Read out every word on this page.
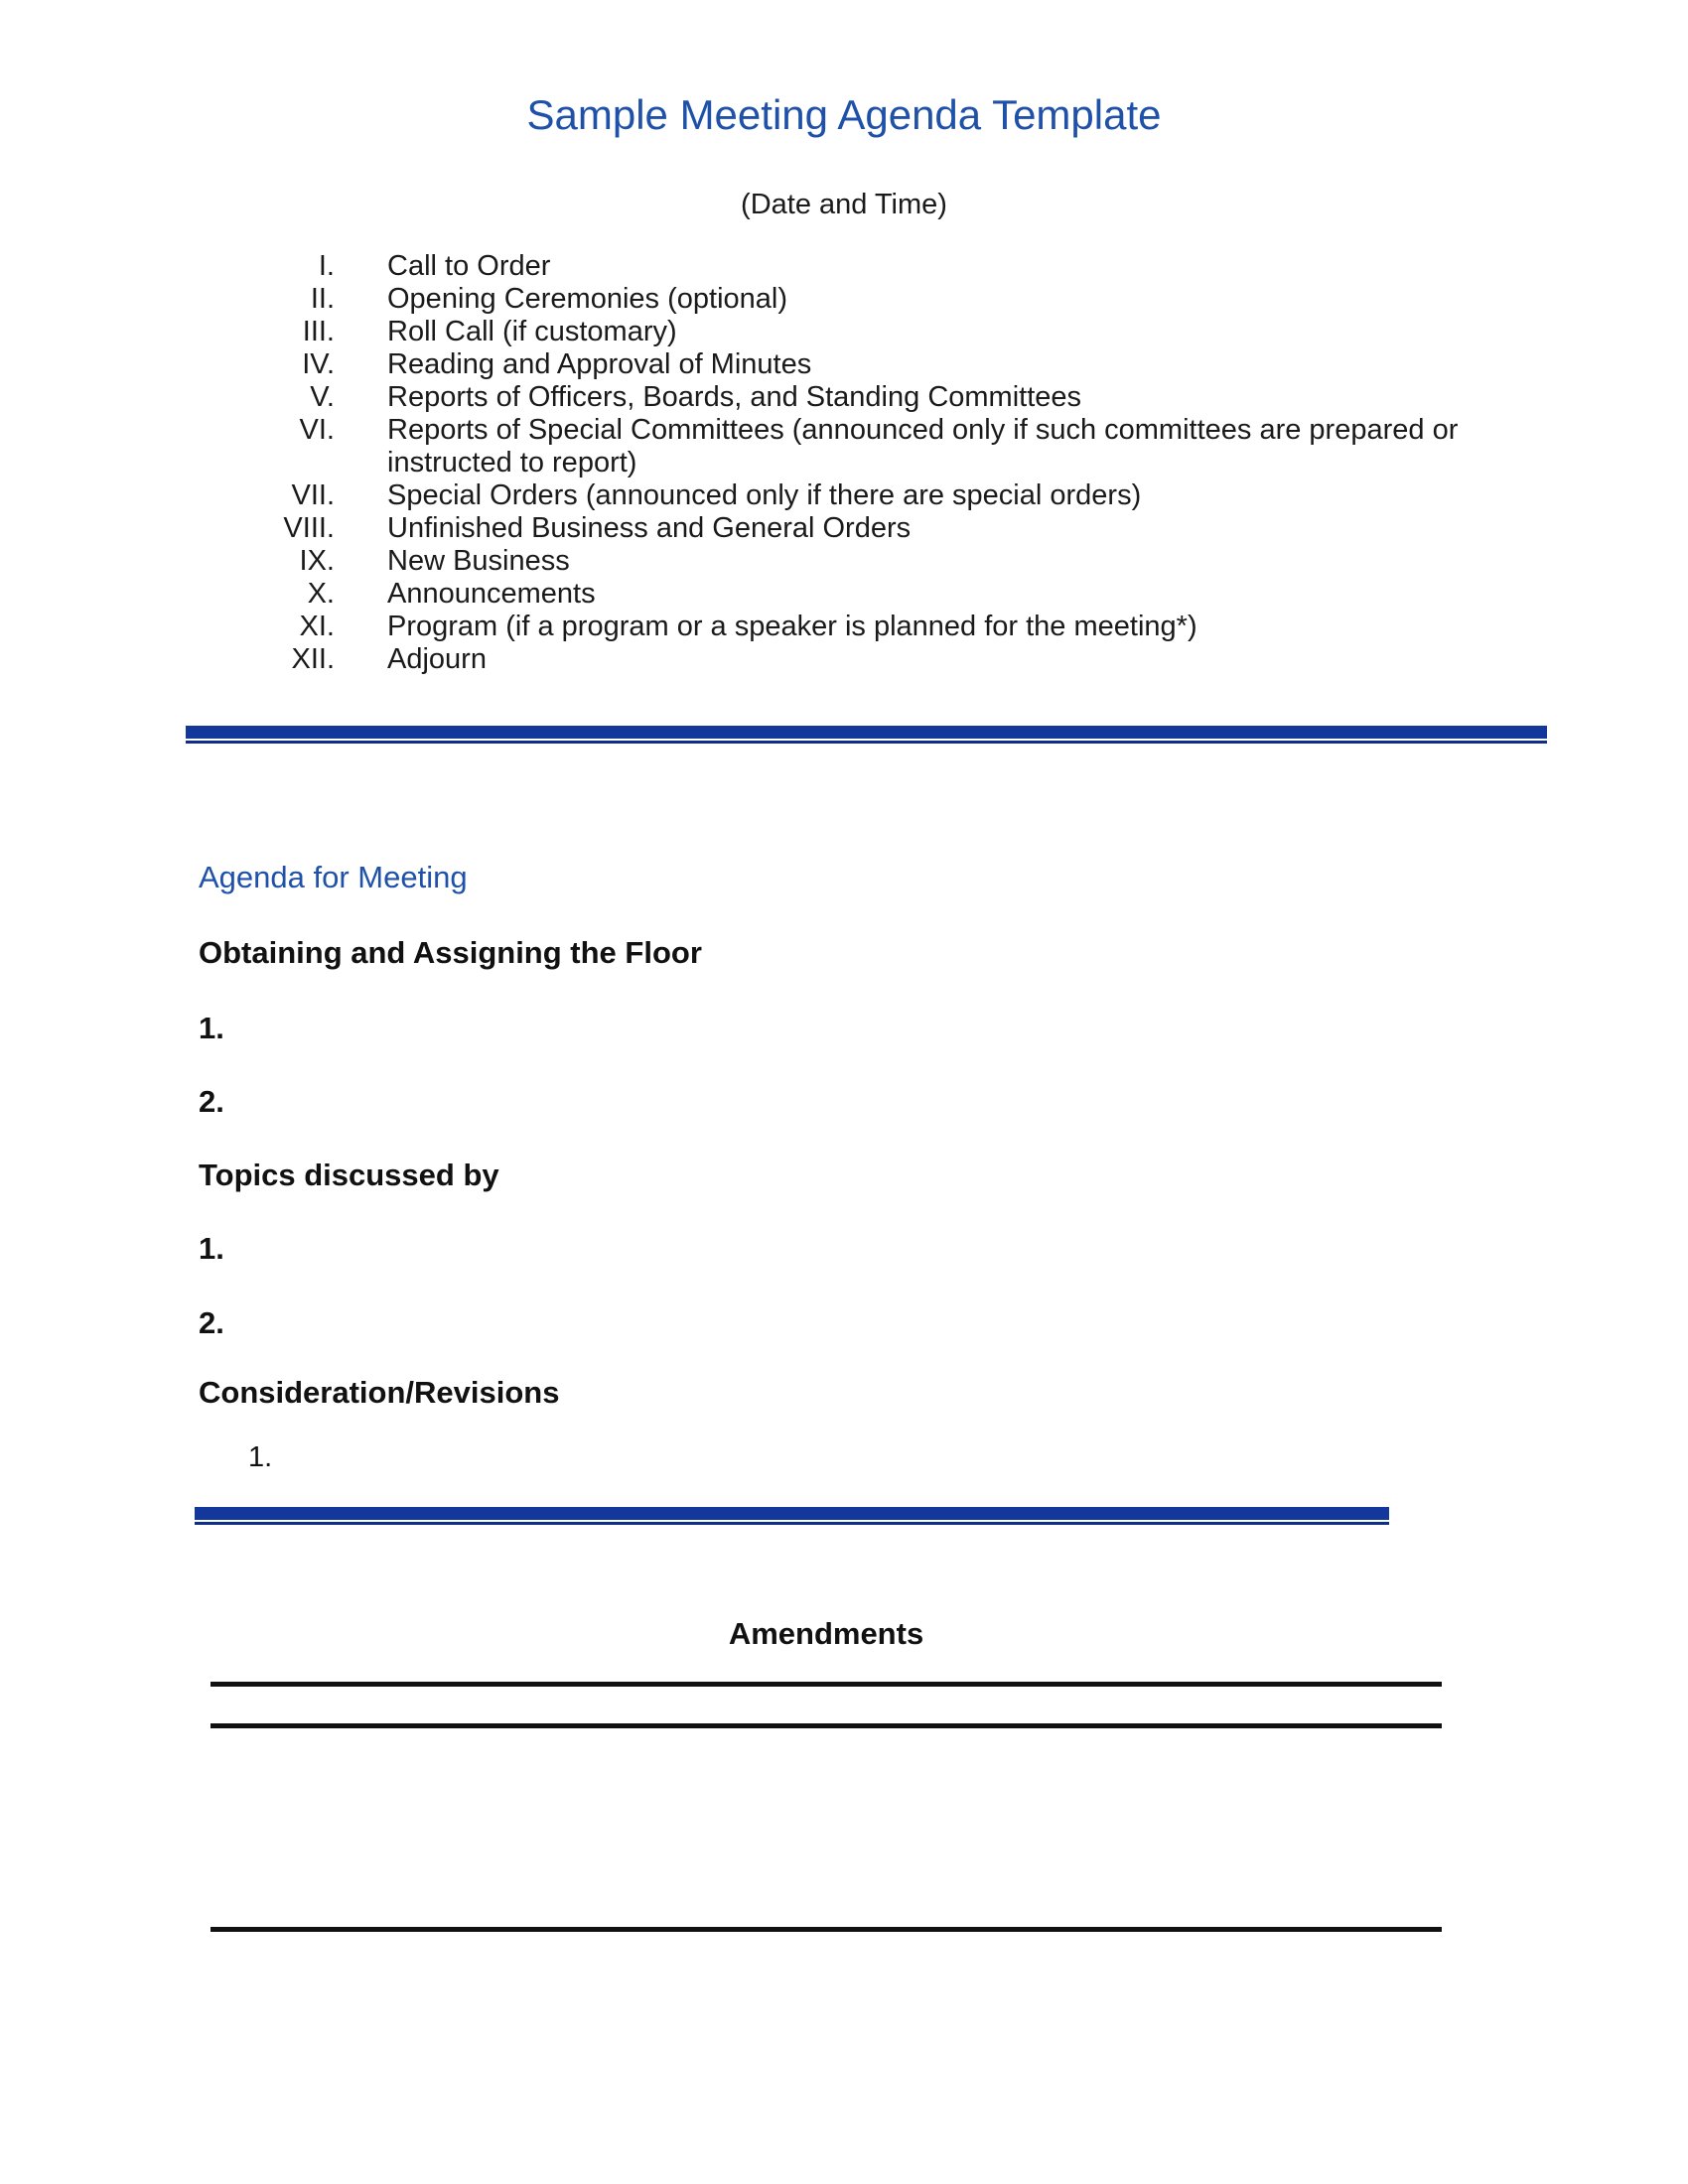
Sample Meeting Agenda Template
(Date and Time)
I. Call to Order
II. Opening Ceremonies (optional)
III. Roll Call (if customary)
IV. Reading and Approval of Minutes
V. Reports of Officers, Boards, and Standing Committees
VI. Reports of Special Committees (announced only if such committees are prepared or instructed to report)
VII. Special Orders (announced only if there are special orders)
VIII. Unfinished Business and General Orders
IX. New Business
X. Announcements
XI. Program (if a program or a speaker is planned for the meeting*)
XII. Adjourn
Agenda for Meeting
Obtaining and Assigning the Floor
1.
2.
Topics discussed by
1.
2.
Consideration/Revisions
1.
Amendments
